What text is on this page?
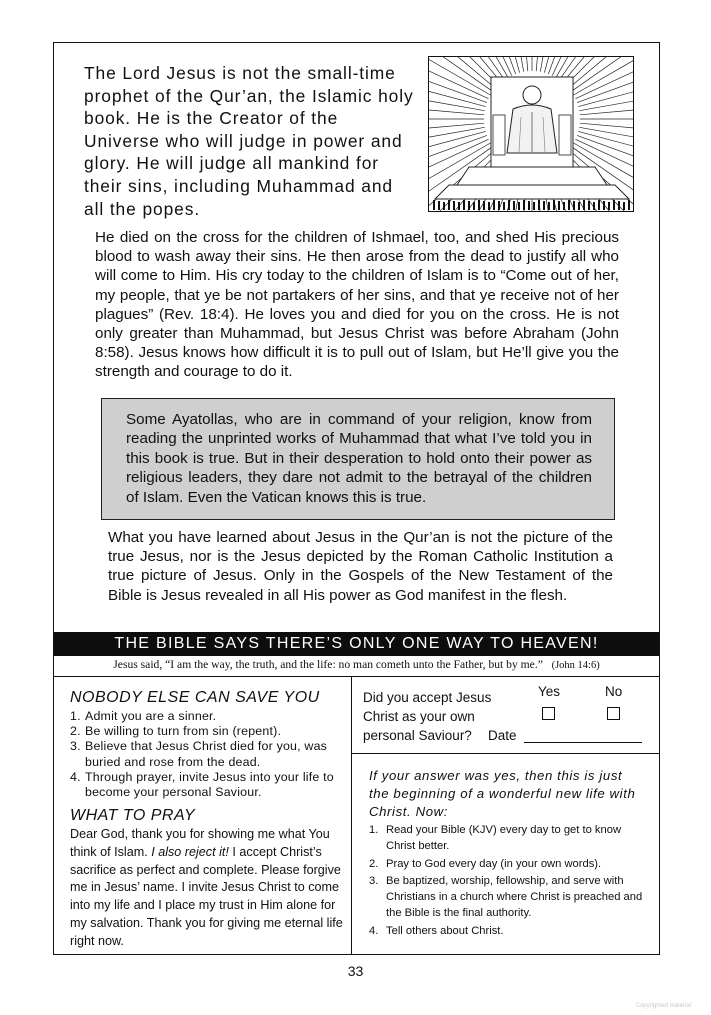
The Lord Jesus is not the small-time prophet of the Qur’an, the Islamic holy book. He is the Creator of the Universe who will judge in power and glory. He will judge all mankind for their sins, including Muhammad and all the popes.

He died on the cross for the children of Ishmael, too, and shed His precious blood to wash away their sins. He then arose from the dead to justify all who will come to Him. His cry today to the children of Islam is to “Come out of her, my people, that ye be not partakers of her sins, and that ye receive not of her plagues” (Rev. 18:4). He loves you and died for you on the cross. He is not only greater than Muhammad, but Jesus Christ was before Abraham (John 8:58). Jesus knows how difficult it is to pull out of Islam, but He’ll give you the strength and courage to do it.

Some Ayatollas, who are in command of your religion, know from reading the unprinted works of Muhammad that what I’ve told you in this book is true. But in their desperation to hold onto their power as religious leaders, they dare not admit to the betrayal of the children of Islam. Even the Vatican knows this is true.

What you have learned about Jesus in the Qur’an is not the picture of the true Jesus, nor is the Jesus depicted by the Roman Catholic Institution a true picture of Jesus. Only in the Gospels of the New Testament of the Bible is Jesus revealed in all His power as God manifest in the flesh.

THE BIBLE SAYS THERE’S ONLY ONE WAY TO HEAVEN!

Jesus said, “I am the way, the truth, and the life: no man cometh unto the Father, but by me.” (John 14:6)

NOBODY ELSE CAN SAVE YOU

1. Admit you are a sinner.
2. Be willing to turn from sin (repent).
3. Believe that Jesus Christ died for you, was buried and rose from the dead.
4. Through prayer, invite Jesus into your life to become your personal Saviour.

WHAT TO PRAY

Dear God, thank you for showing me what You think of Islam. I also reject it! I accept Christ’s sacrifice as perfect and complete. Please forgive me in Jesus’ name. I invite Jesus Christ to come into my life and I place my trust in Him alone for my salvation. Thank you for giving me eternal life right now.

Did you accept Jesus Christ as your own personal Saviour?

Yes	No

Date

If your answer was yes, then this is just the beginning of a wonderful new life with Christ. Now:

1. Read your Bible (KJV) every day to get to know Christ better.
2. Pray to God every day (in your own words).
3. Be baptized, worship, fellowship, and serve with Christians in a church where Christ is preached and the Bible is the final authority.
4. Tell others about Christ.

33

Copyrighted material
